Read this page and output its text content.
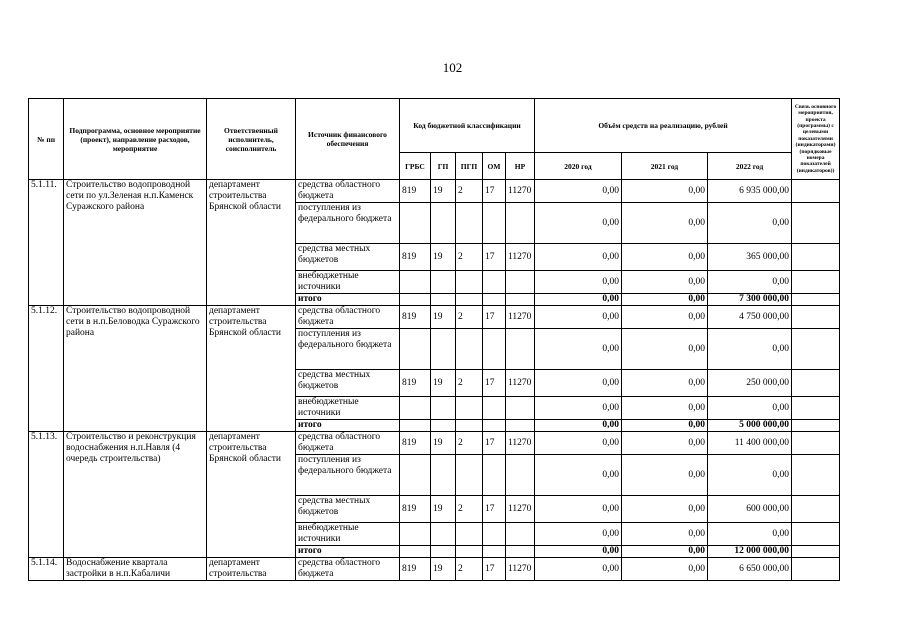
102
№ пп	Подпрограмма, основное мероприятие (проект), направление расходов, мероприятие	Ответственный исполнитель, соисполнитель	Источник финансового обеспечения	Код бюджетной классификации					Объём средств на реализацию, рублей			Связь основного мероприятия, проекта (программы) с целевыми показателями (индикаторами) (порядковые номера показателей (индикаторов))
				ГРБС	ГП	ПГП	ОМ	НР	2020 год	2021 год	2022 год	
5.1.11.	Строительство водопроводной сети по ул.Зеленая н.п.Каменск Суражского района	департамент строительства Брянской области	средства областного бюджета	819	19	2	17	11270	0,00	0,00	6 935 000,00	
			поступления из федерального бюджета						0,00	0,00	0,00	
			средства местных бюджетов	819	19	2	17	11270	0,00	0,00	365 000,00	
			внебюджетные источники						0,00	0,00	0,00	
			итого						0,00	0,00	7 300 000,00	
5.1.12.	Строительство водопроводной сети в н.п.Беловодка Суражского района	департамент строительства Брянской области	средства областного бюджета	819	19	2	17	11270	0,00	0,00	4 750 000,00	
			поступления из федерального бюджета						0,00	0,00	0,00	
			средства местных бюджетов	819	19	2	17	11270	0,00	0,00	250 000,00	
			внебюджетные источники						0,00	0,00	0,00	
			итого						0,00	0,00	5 000 000,00	
5.1.13.	Строительство и реконструкция водоснабжения н.п.Навля (4 очередь строительства)	департамент строительства Брянской области	средства областного бюджета	819	19	2	17	11270	0,00	0,00	11 400 000,00	
			поступления из федерального бюджета						0,00	0,00	0,00	
			средства местных бюджетов	819	19	2	17	11270	0,00	0,00	600 000,00	
			внебюджетные источники						0,00	0,00	0,00	
			итого						0,00	0,00	12 000 000,00	
5.1.14.	Водоснабжение квартала застройки в н.п.Кабаличи	департамент строительства	средства областного бюджета	819	19	2	17	11270	0,00	0,00	6 650 000,00	
